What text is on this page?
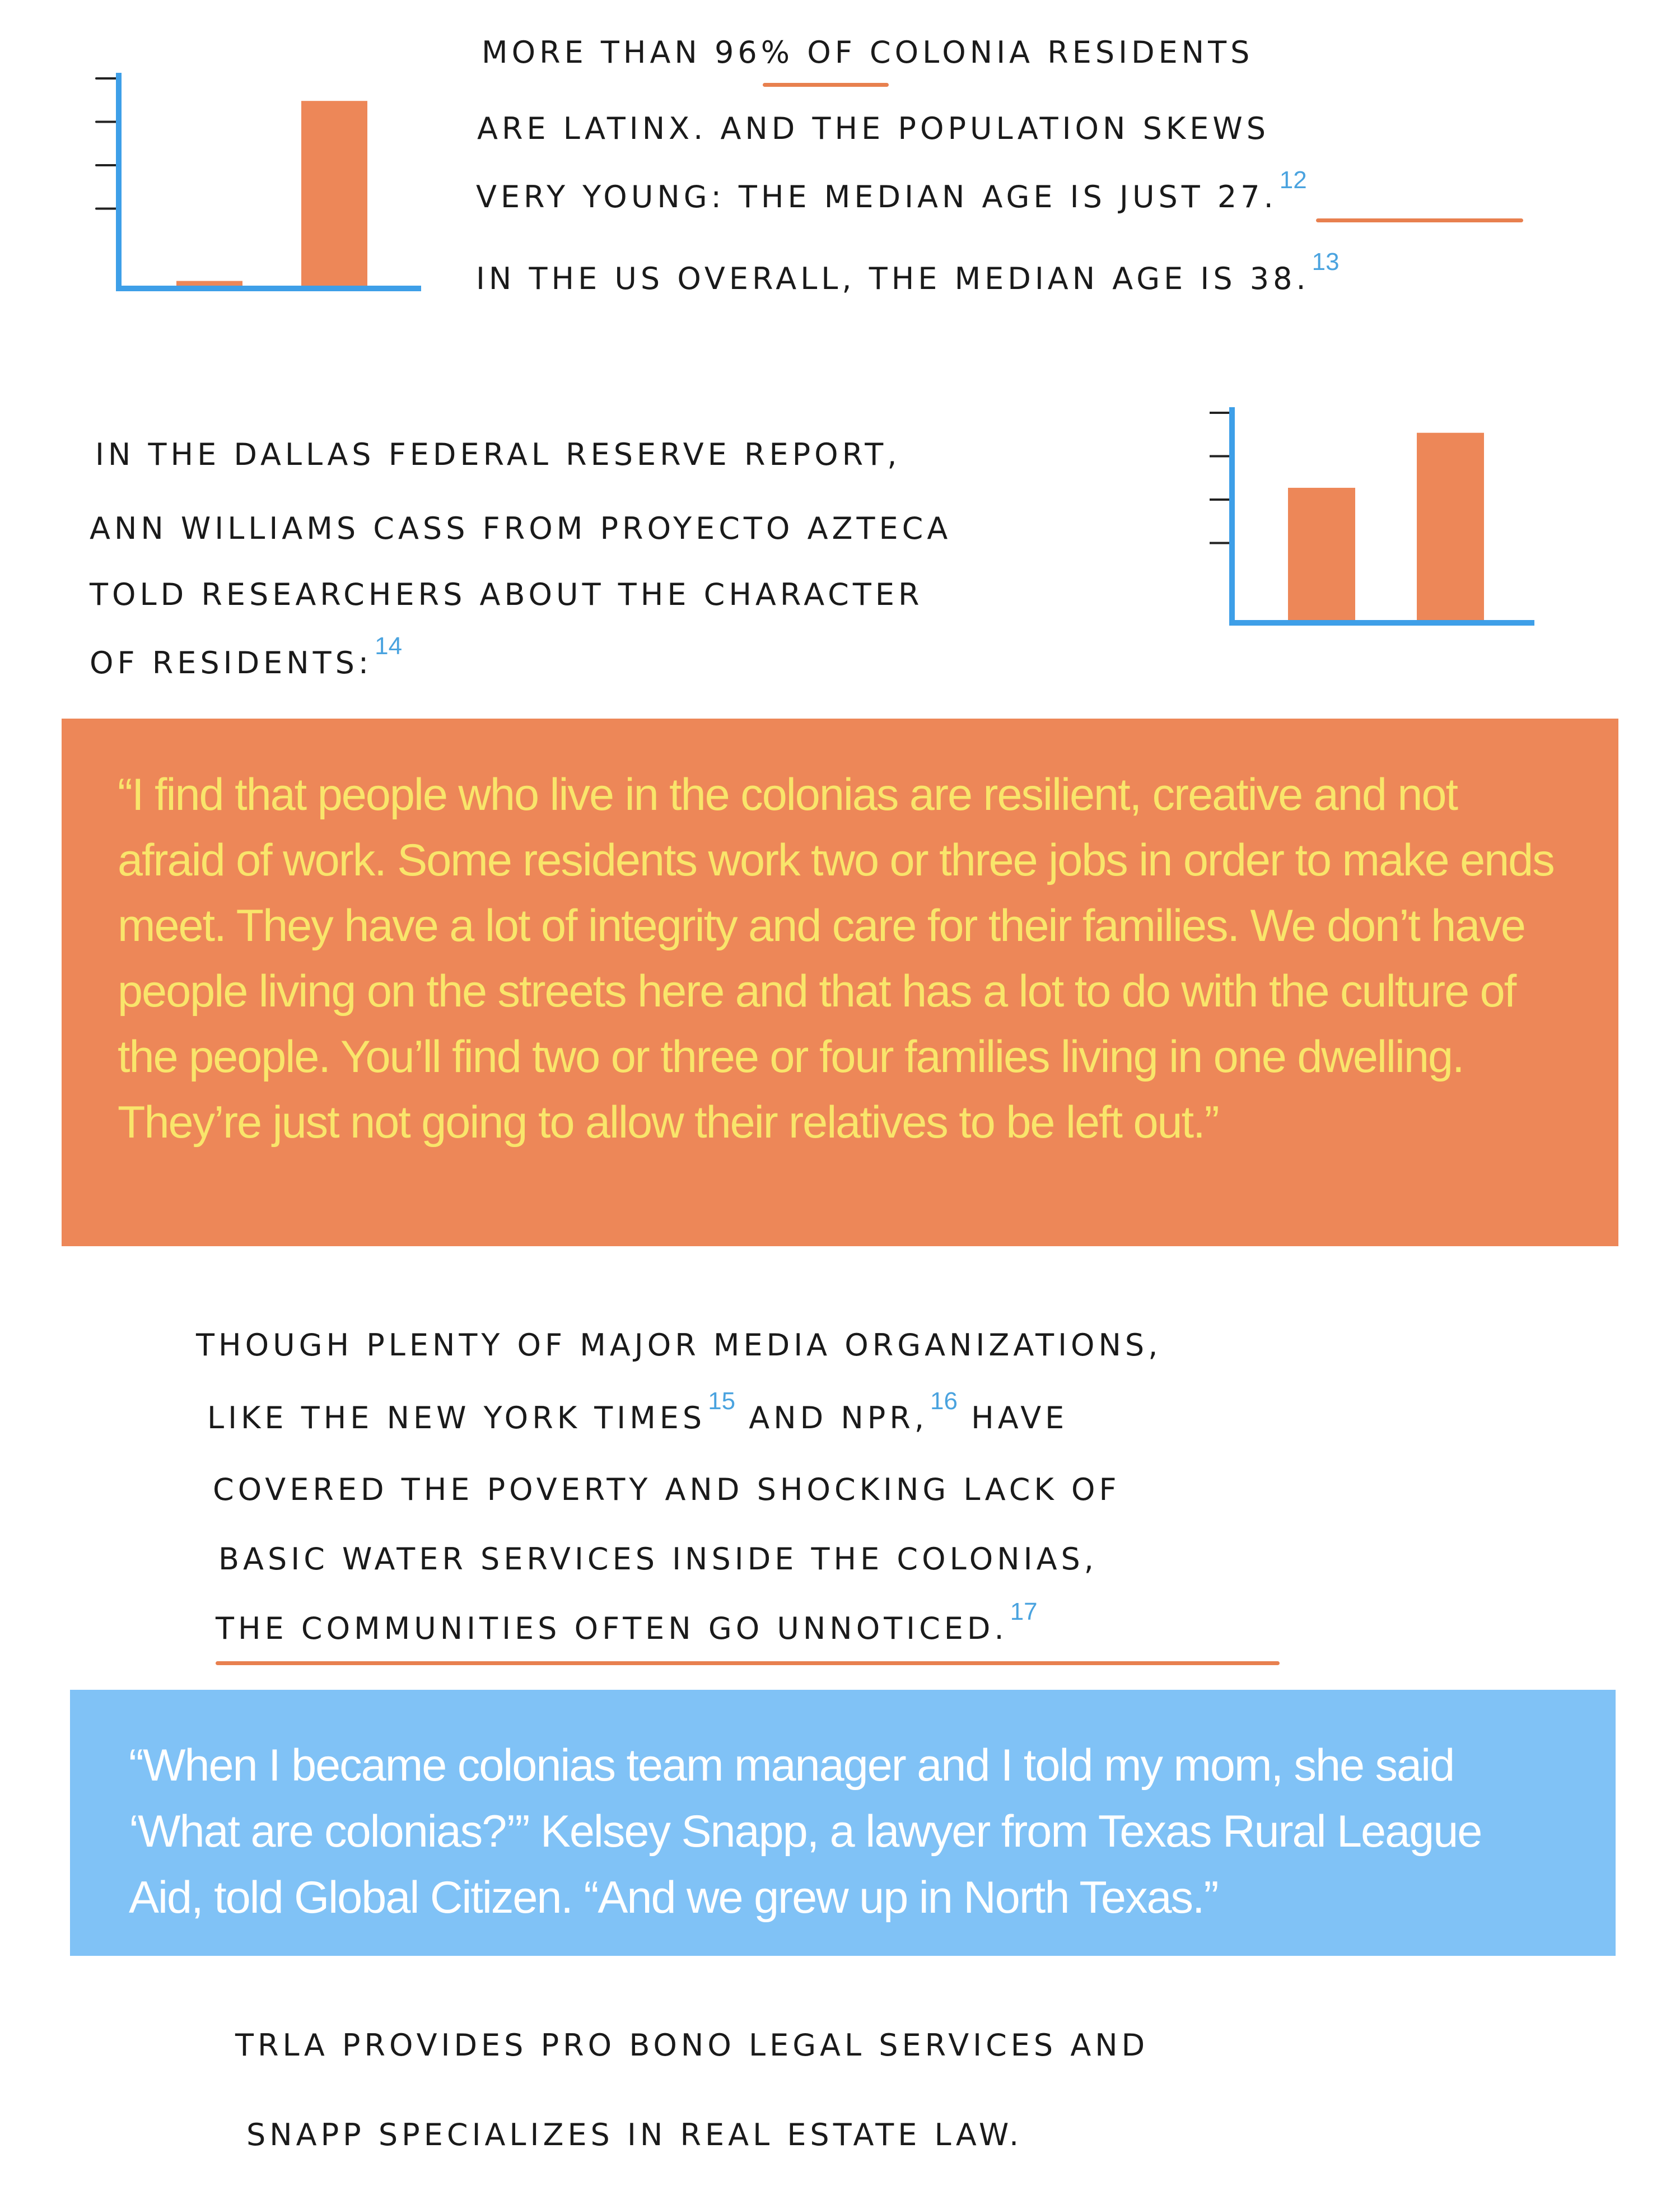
MORE THAN 96% OF COLONIA RESIDENTS

ARE LATINX. AND THE POPULATION SKEWS

VERY YOUNG: THE MEDIAN AGE IS JUST 27.12

IN THE US OVERALL, THE MEDIAN AGE IS 38.13

IN THE DALLAS FEDERAL RESERVE REPORT,

ANN WILLIAMS CASS FROM PROYECTO AZTECA

TOLD RESEARCHERS ABOUT THE CHARACTER

OF RESIDENTS:$^{14}$

“I find that people who live in the colonias are resilient, creative and not afraid of work. Some residents work two or three jobs in order to make ends meet. They have a lot of integrity and care for their families. We don’t have people living on the streets here and that has a lot to do with the culture of the people. You’ll find two or three or four families living in one dwelling. They’re just not going to allow their relatives to be left out.”

THOUGH PLENTY OF MAJOR MEDIA ORGANIZATIONS,

LIKE THE NEW YORK TIMES$^{15}$ AND NPR,$^{16}$ HAVE

COVERED THE POVERTY AND SHOCKING LACK OF

BASIC WATER SERVICES INSIDE THE COLONIAS,

THE COMMUNITIES OFTEN GO UNNOTICED.$^{17}$

“When I became colonias team manager and I told my mom, she said ‘What are colonias?’” Kelsey Snapp, a lawyer from Texas Rural League Aid, told Global Citizen. “And we grew up in North Texas.”

TRLA PROVIDES PRO BONO LEGAL SERVICES AND

SNAPP SPECIALIZES IN REAL ESTATE LAW.
